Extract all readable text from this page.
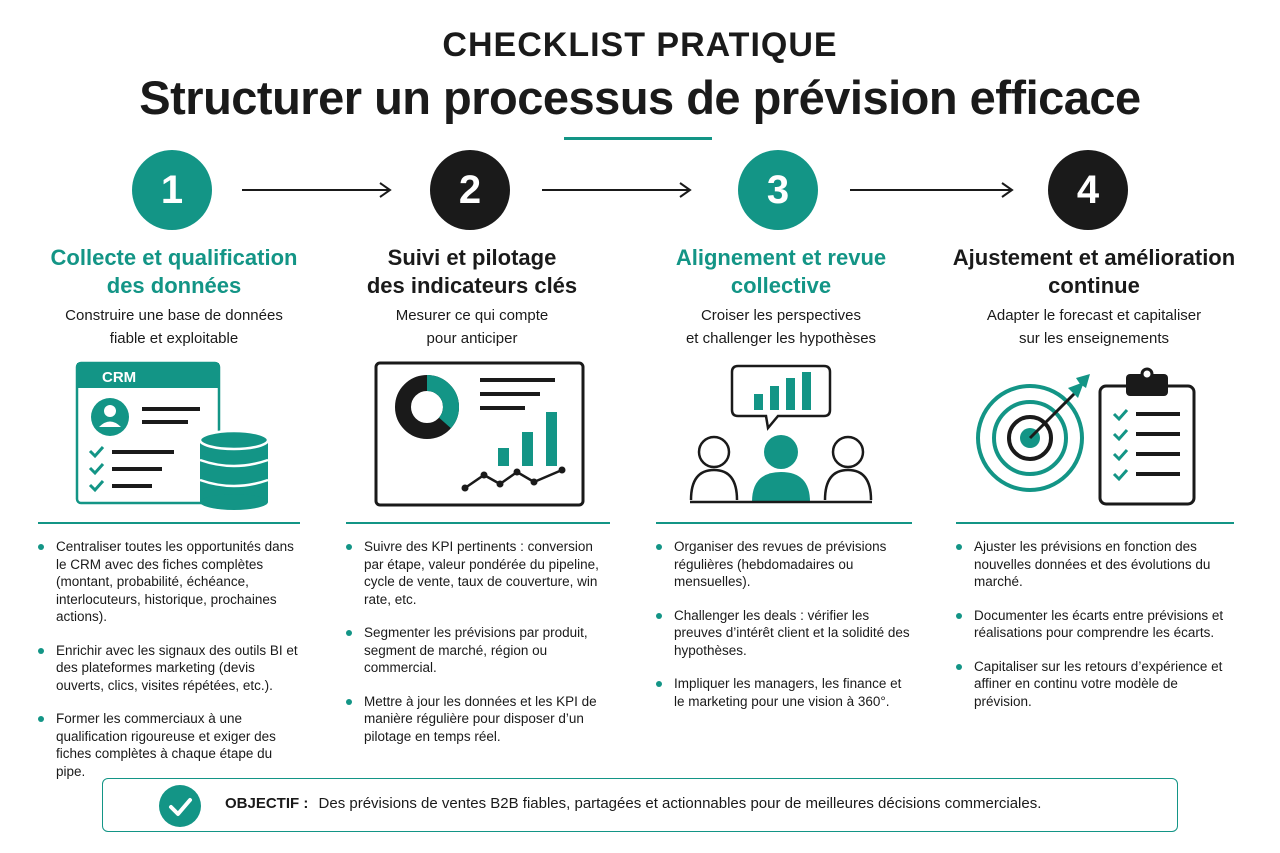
CHECKLIST PRATIQUE
Structurer un processus de prévision efficace
1	2	3	4
Collecte et qualification
des données
Construire une base de données
fiable et exploitable
Suivi et pilotage
des indicateurs clés
Mesurer ce qui compte
pour anticiper
Alignement et revue
collective
Croiser les perspectives
et challenger les hypothèses
Ajustement et amélioration
continue
Adapter le forecast et capitaliser
sur les enseignements
CRM
Centraliser toutes les opportunités dans le CRM avec des fiches complètes (montant, probabilité, échéance, interlocuteurs, historique, prochaines actions).
Enrichir avec les signaux des outils BI et des plateformes marketing (devis ouverts, clics, visites répétées, etc.).
Former les commerciaux à une qualification rigoureuse et exiger des fiches complètes à chaque étape du pipe.
Suivre des KPI pertinents : conversion par étape, valeur pondérée du pipeline, cycle de vente, taux de couverture, win rate, etc.
Segmenter les prévisions par produit, segment de marché, région ou commercial.
Mettre à jour les données et les KPI de manière régulière pour disposer d’un pilotage en temps réel.
Organiser des revues de prévisions régulières (hebdomadaires ou mensuelles).
Challenger les deals : vérifier les preuves d’intérêt client et la solidité des hypothèses.
Impliquer les managers, les finance et le marketing pour une vision à 360°.
Ajuster les prévisions en fonction des nouvelles données et des évolutions du marché.
Documenter les écarts entre prévisions et réalisations pour comprendre les écarts.
Capitaliser sur les retours d’expérience et affiner en continu votre modèle de prévision.
OBJECTIF : Des prévisions de ventes B2B fiables, partagées et actionnables pour de meilleures décisions commerciales.
